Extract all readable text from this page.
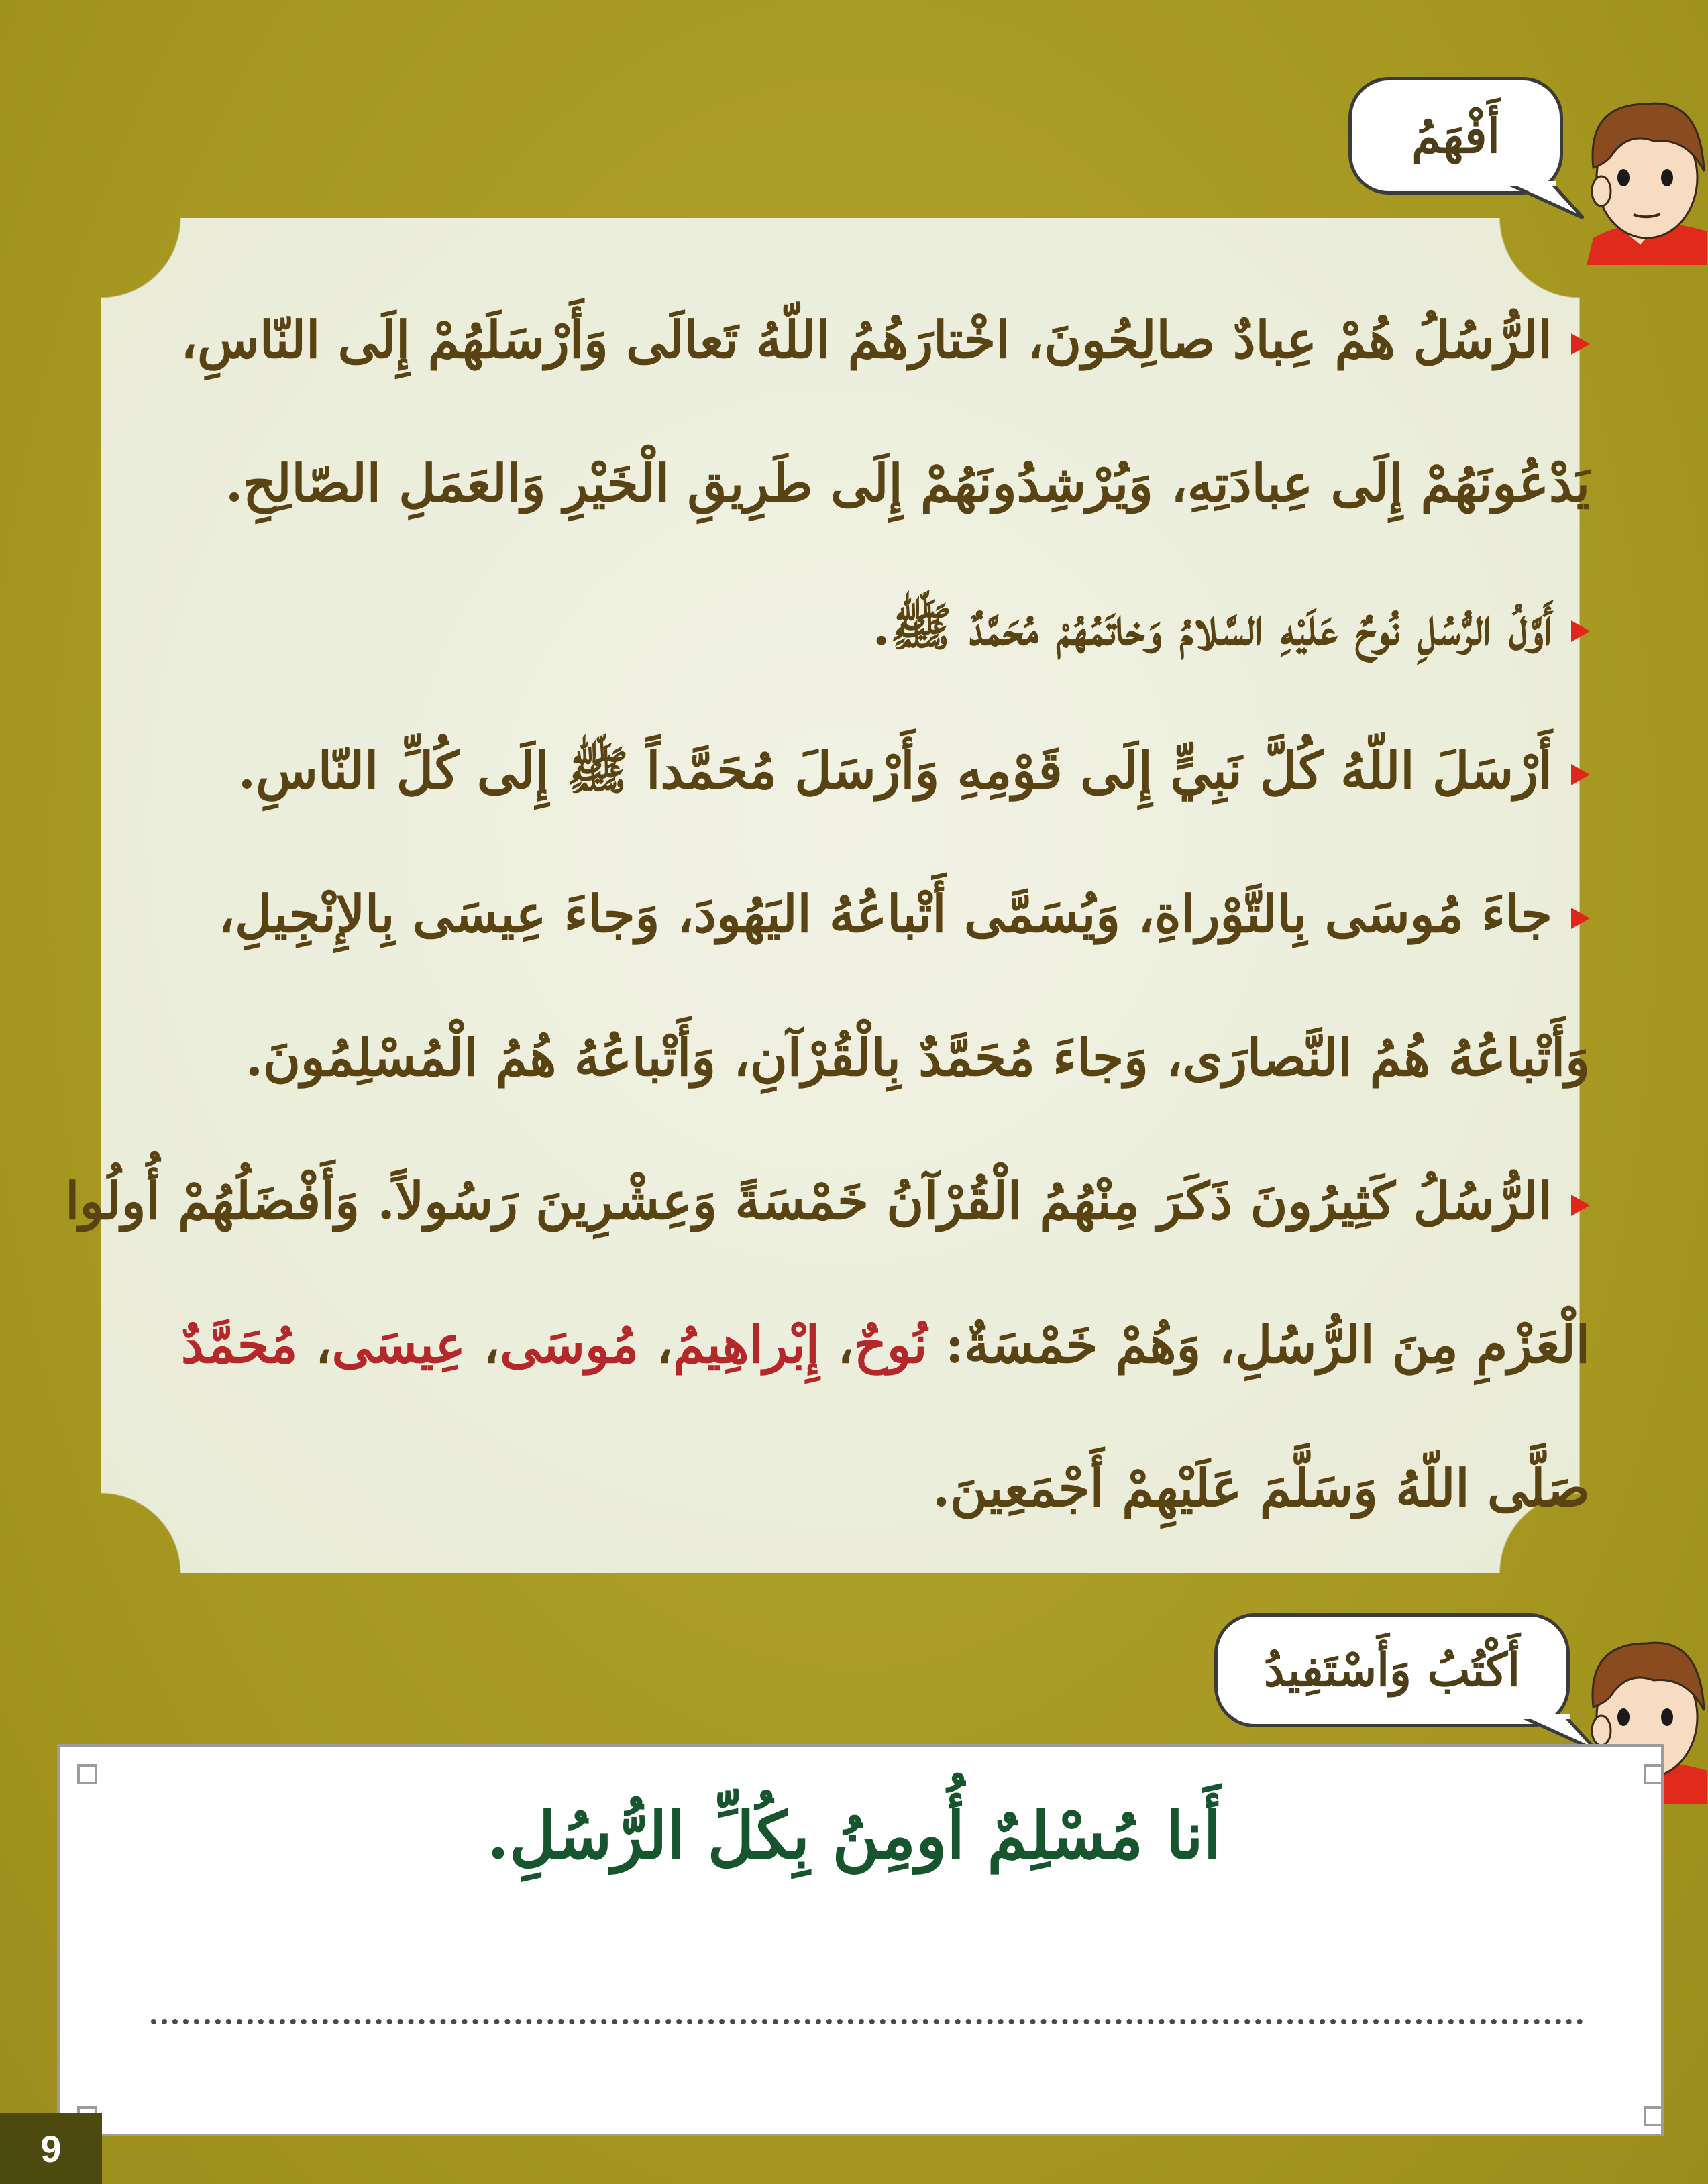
أَفْهَمُ
الرُّسُلُ هُمْ عِبادٌ صالِحُونَ، اخْتارَهُمُ اللّهُ تَعالَى وَأَرْسَلَهُمْ إِلَى النّاسِ،
يَدْعُونَهُمْ إِلَى عِبادَتِهِ، وَيُرْشِدُونَهُمْ إِلَى طَرِيقِ الْخَيْرِ وَالعَمَلِ الصّالِحِ.
أَوَّلُ الرُّسُلِ نُوحٌ عَلَيْهِ السَّلامُ وَخاتَمُهُمْ مُحَمَّدٌ ﷺ.
أَرْسَلَ اللّهُ كُلَّ نَبِيٍّ إِلَى قَوْمِهِ وَأَرْسَلَ مُحَمَّداً ﷺ إِلَى كُلِّ النّاسِ.
جاءَ مُوسَى بِالتَّوْراةِ، وَيُسَمَّى أَتْباعُهُ اليَهُودَ، وَجاءَ عِيسَى بِالإِنْجِيلِ،
وَأَتْباعُهُ هُمُ النَّصارَى، وَجاءَ مُحَمَّدٌ بِالْقُرْآنِ، وَأَتْباعُهُ هُمُ الْمُسْلِمُونَ.
الرُّسُلُ كَثِيرُونَ ذَكَرَ مِنْهُمُ الْقُرْآنُ خَمْسَةً وَعِشْرِينَ رَسُولاً. وَأَفْضَلُهُمْ أُولُوا
الْعَزْمِ مِنَ الرُّسُلِ، وَهُمْ خَمْسَةٌ: نُوحٌ، إِبْراهِيمُ، مُوسَى، عِيسَى، مُحَمَّدٌ
صَلَّى اللّهُ وَسَلَّمَ عَلَيْهِمْ أَجْمَعِينَ.
أَكْتُبُ وَأَسْتَفِيدُ
أَنا مُسْلِمٌ أُومِنُ بِكُلِّ الرُّسُلِ.
9
